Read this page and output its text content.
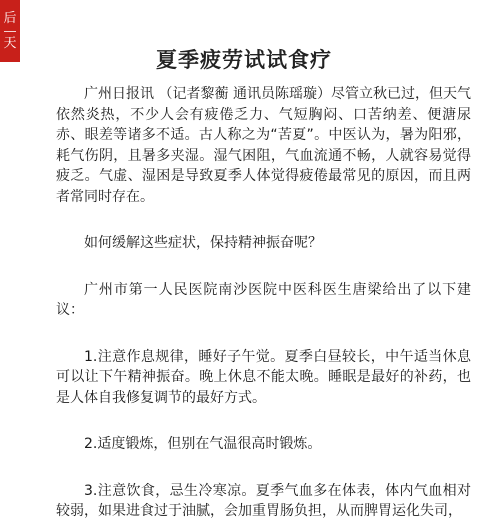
后
天
夏季疲劳试试食疗

广州日报讯 （记者黎蘅 通讯员陈瑶璇）尽管立秋已过，但天气依然炎热，不少人会有疲倦乏力、气短胸闷、口苦纳差、便溏尿赤、眼差等诸多不适。古人称之为“苦夏”。中医认为，暑为阳邪，耗气伤阴，且暑多夹湿。湿气困阻，气血流通不畅，人就容易觉得疲乏。气虚、湿困是导致夏季人体觉得疲倦最常见的原因，而且两者常同时存在。

如何缓解这些症状，保持精神振奋呢？

广州市第一人民医院南沙医院中医科医生唐梁给出了以下建议：

1.注意作息规律，睡好子午觉。夏季白昼较长，中午适当休息可以让下午精神振奋。晚上休息不能太晚。睡眠是最好的补药，也是人体自我修复调节的最好方式。

2.适度锻炼，但别在气温很高时锻炼。

3.注意饮食，忌生冷寒凉。夏季气血多在体表，体内气血相对较弱，如果进食过于油腻，会加重胃肠负担，从而脾胃运化失司，
